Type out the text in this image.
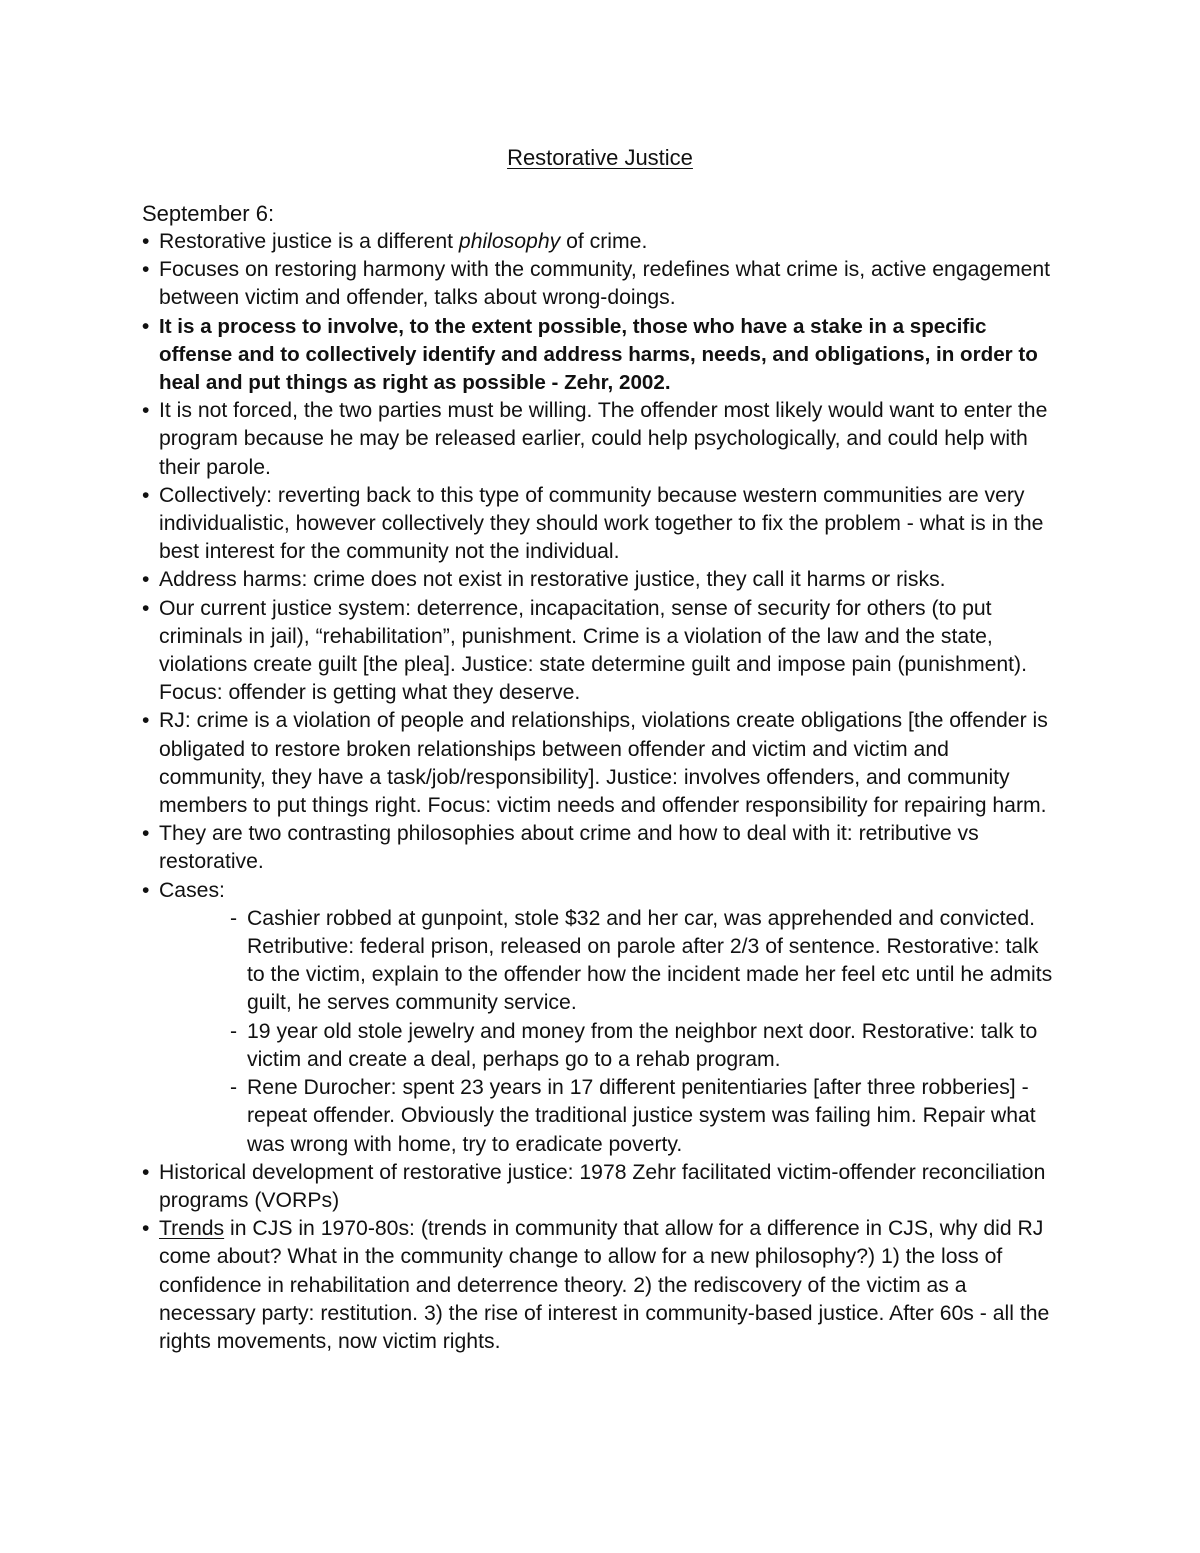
Restorative Justice

September 6:

• Restorative justice is a different philosophy of crime.
• Focuses on restoring harmony with the community, redefines what crime is, active engagement between victim and offender, talks about wrong-doings.
• It is a process to involve, to the extent possible, those who have a stake in a specific offense and to collectively identify and address harms, needs, and obligations, in order to heal and put things as right as possible - Zehr, 2002.
• It is not forced, the two parties must be willing. The offender most likely would want to enter the program because he may be released earlier, could help psychologically, and could help with their parole.
• Collectively: reverting back to this type of community because western communities are very individualistic, however collectively they should work together to fix the problem - what is in the best interest for the community not the individual.
• Address harms: crime does not exist in restorative justice, they call it harms or risks.
• Our current justice system: deterrence, incapacitation, sense of security for others (to put criminals in jail), “rehabilitation”, punishment. Crime is a violation of the law and the state, violations create guilt [the plea]. Justice: state determine guilt and impose pain (punishment). Focus: offender is getting what they deserve.
• RJ: crime is a violation of people and relationships, violations create obligations [the offender is obligated to restore broken relationships between offender and victim and victim and community, they have a task/job/responsibility]. Justice: involves offenders, and community members to put things right. Focus: victim needs and offender responsibility for repairing harm.
• They are two contrasting philosophies about crime and how to deal with it: retributive vs restorative.
• Cases:
- Cashier robbed at gunpoint, stole $32 and her car, was apprehended and convicted. Retributive: federal prison, released on parole after 2/3 of sentence. Restorative: talk to the victim, explain to the offender how the incident made her feel etc until he admits guilt, he serves community service.
- 19 year old stole jewelry and money from the neighbor next door. Restorative: talk to victim and create a deal, perhaps go to a rehab program.
- Rene Durocher: spent 23 years in 17 different penitentiaries [after three robberies] - repeat offender. Obviously the traditional justice system was failing him. Repair what was wrong with home, try to eradicate poverty.
• Historical development of restorative justice: 1978 Zehr facilitated victim-offender reconciliation programs (VORPs)
• Trends in CJS in 1970-80s: (trends in community that allow for a difference in CJS, why did RJ come about? What in the community change to allow for a new philosophy?) 1) the loss of confidence in rehabilitation and deterrence theory. 2) the rediscovery of the victim as a necessary party: restitution. 3) the rise of interest in community-based justice. After 60s - all the rights movements, now victim rights.
